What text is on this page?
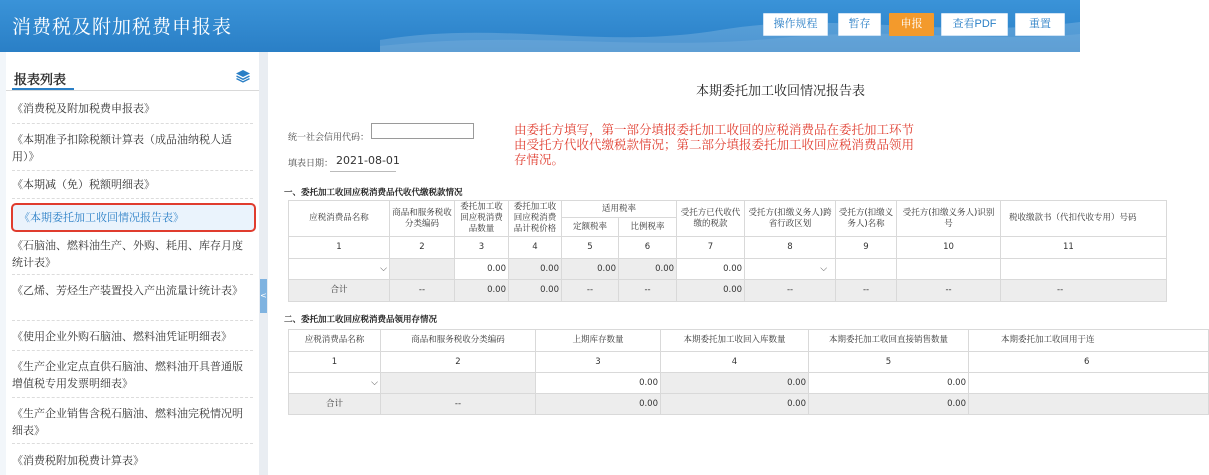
消费税及附加税费申报表	操作规程	暂存	申报	查看PDF	重置
报表列表
《消费税及附加税费申报表》
《本期准予扣除税额计算表（成品油纳税人适用）》
《本期减（免）税额明细表》
《本期委托加工收回情况报告表》
《石脑油、燃料油生产、外购、耗用、库存月度统计表》
《乙烯、芳烃生产装置投入产出流量计统计表》
《使用企业外购石脑油、燃料油凭证明细表》
《生产企业定点直供石脑油、燃料油开具普通版增值税专用发票明细表》
《生产企业销售含税石脑油、燃料油完税情况明细表》
《消费税附加税费计算表》
<
本期委托加工收回情况报告表
由委托方填写，第一部分填报委托加工收回的应税消费品在委托加工环节由受托方代收代缴税款情况；第二部分填报委托加工收回应税消费品领用存情况。
统一社会信用代码：
填表日期： 2021-08-01
一、委托加工收回应税消费品代收代缴税款情况
应税消费品名称	商品和服务税收分类编码	委托加工收回应税消费品数量	委托加工收回应税消费品计税价格	适用税率		受托方已代收代缴的税款	受托方(扣缴义务人)跨省行政区划	受托方(扣缴义务人)名称	受托方(扣缴义务人)识别号	税收缴款书（代扣代收专用）号码
				定额税率	比例税率					
1	2	3	4	5	6	7	8	9	10	11
⌵		0.00	0.00	0.00	0.00	0.00	⌵			
合计	--	0.00	0.00	--	--	0.00	--	--	--	--
二、委托加工收回应税消费品领用存情况
应税消费品名称	商品和服务税收分类编码	上期库存数量	本期委托加工收回入库数量	本期委托加工收回直接销售数量	本期委托加工收回用于连
1	2	3	4	5	6
⌵		0.00	0.00	0.00	
合计	--	0.00	0.00	0.00	
